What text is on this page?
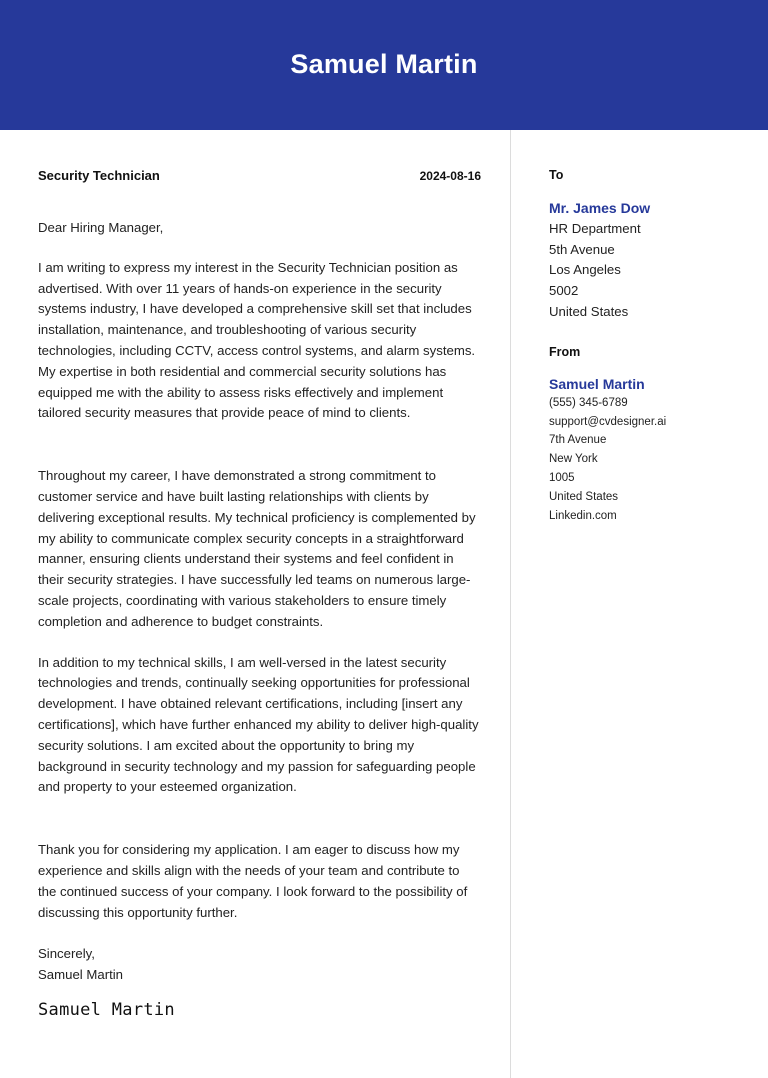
Samuel Martin
Security Technician	2024-08-16
Dear Hiring Manager,
I am writing to express my interest in the Security Technician position as advertised. With over 11 years of hands-on experience in the security systems industry, I have developed a comprehensive skill set that includes installation, maintenance, and troubleshooting of various security technologies, including CCTV, access control systems, and alarm systems. My expertise in both residential and commercial security solutions has equipped me with the ability to assess risks effectively and implement tailored security measures that provide peace of mind to clients.
Throughout my career, I have demonstrated a strong commitment to customer service and have built lasting relationships with clients by delivering exceptional results. My technical proficiency is complemented by my ability to communicate complex security concepts in a straightforward manner, ensuring clients understand their systems and feel confident in their security strategies. I have successfully led teams on numerous large-scale projects, coordinating with various stakeholders to ensure timely completion and adherence to budget constraints.
In addition to my technical skills, I am well-versed in the latest security technologies and trends, continually seeking opportunities for professional development. I have obtained relevant certifications, including [insert any certifications], which have further enhanced my ability to deliver high-quality security solutions. I am excited about the opportunity to bring my background in security technology and my passion for safeguarding people and property to your esteemed organization.
Thank you for considering my application. I am eager to discuss how my experience and skills align with the needs of your team and contribute to the continued success of your company. I look forward to the possibility of discussing this opportunity further.
Sincerely,
Samuel Martin
Samuel Martin
To
Mr. James Dow
HR Department
5th Avenue
Los Angeles
5002
United States
From
Samuel Martin
(555) 345-6789
support@cvdesigner.ai
7th Avenue
New York
1005
United States
Linkedin.com
